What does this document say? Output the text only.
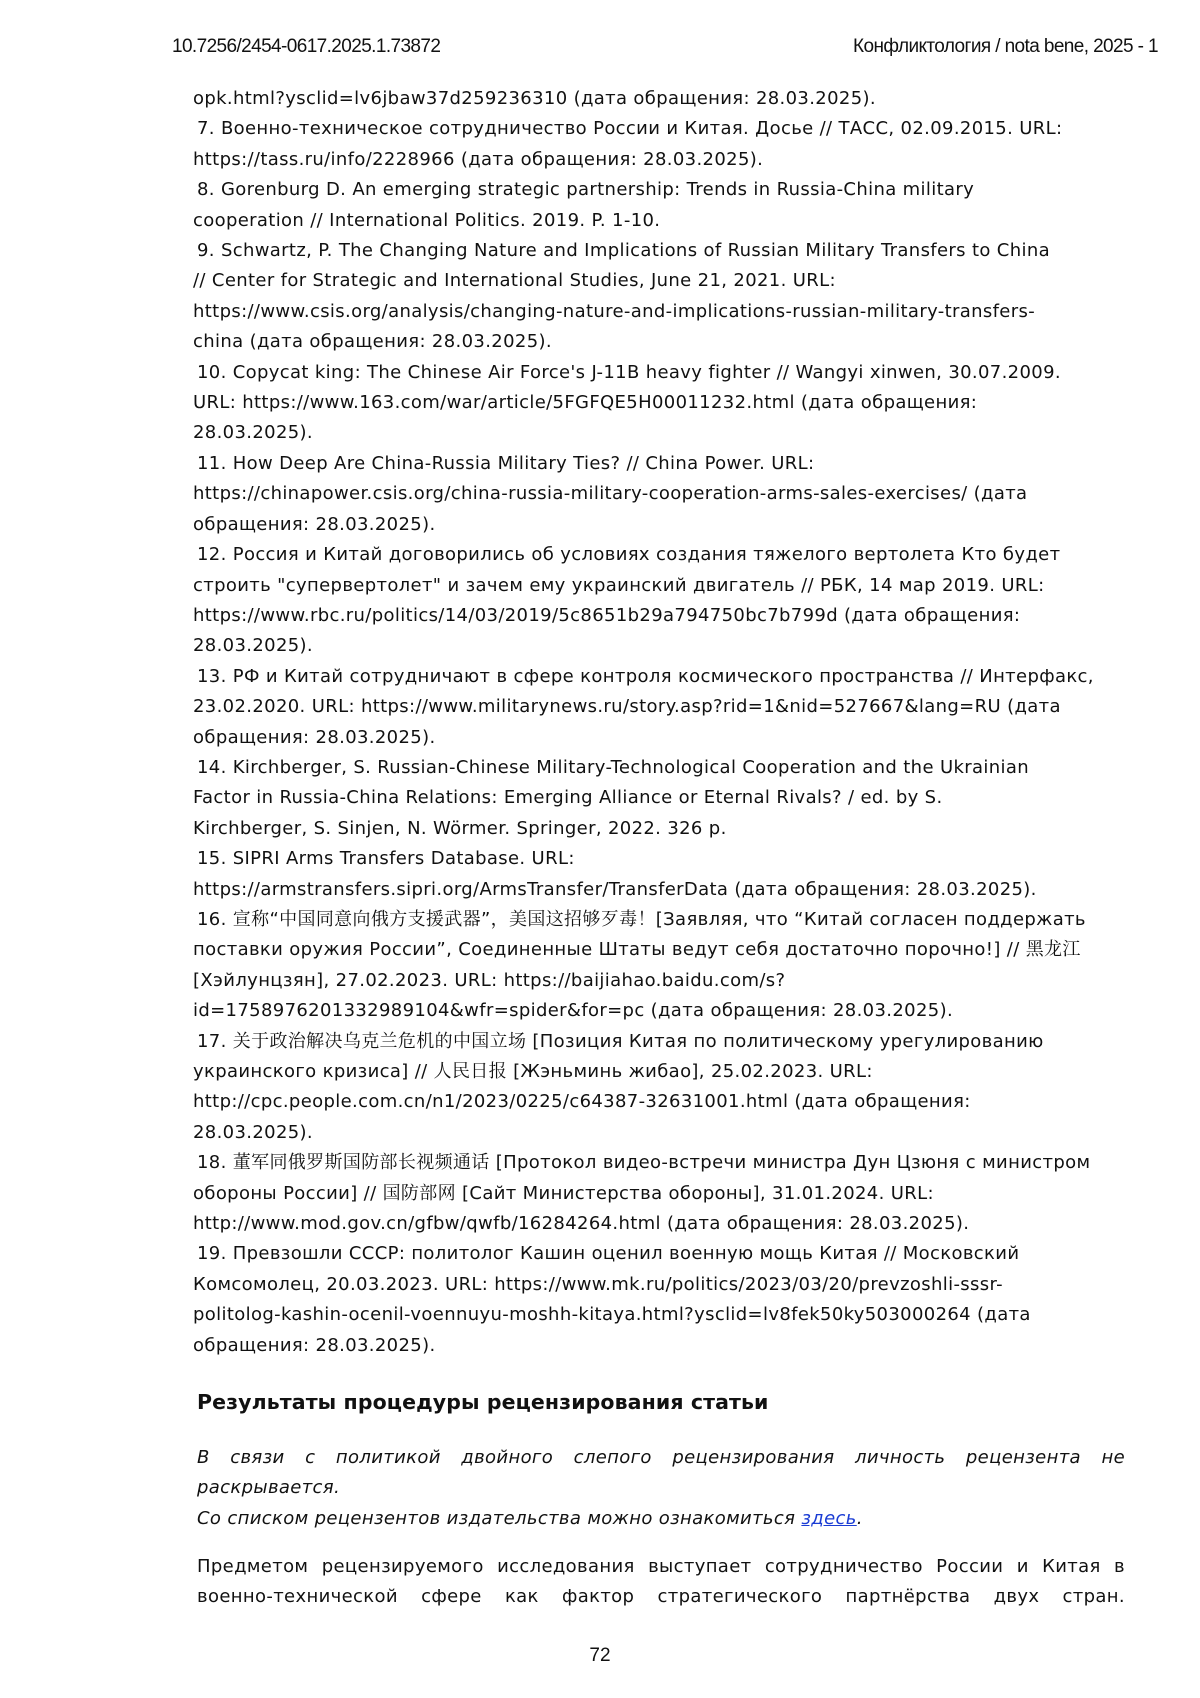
10.7256/2454-0617.2025.1.73872	Конфликтология / nota bene, 2025 - 1
opk.html?ysclid=lv6jbaw37d259236310 (дата обращения: 28.03.2025).
7. Военно-техническое сотрудничество России и Китая. Досье // ТАСС, 02.09.2015. URL:
https://tass.ru/info/2228966 (дата обращения: 28.03.2025).
8. Gorenburg D. An emerging strategic partnership: Trends in Russia-China military
cooperation // International Politics. 2019. P. 1-10.
9. Schwartz, P. The Changing Nature and Implications of Russian Military Transfers to China
// Center for Strategic and International Studies, June 21, 2021. URL:
https://www.csis.org/analysis/changing-nature-and-implications-russian-military-transfers-
china (дата обращения: 28.03.2025).
10. Copycat king: The Chinese Air Force's J-11B heavy fighter // Wangyi xinwen, 30.07.2009.
URL: https://www.163.com/war/article/5FGFQE5H00011232.html (дата обращения:
28.03.2025).
11. How Deep Are China-Russia Military Ties? // China Power. URL:
https://chinapower.csis.org/china-russia-military-cooperation-arms-sales-exercises/ (дата
обращения: 28.03.2025).
12. Россия и Китай договорились об условиях создания тяжелого вертолета Кто будет
строить "супервертолет" и зачем ему украинский двигатель // РБК, 14 мар 2019. URL:
https://www.rbc.ru/politics/14/03/2019/5c8651b29a794750bc7b799d (дата обращения:
28.03.2025).
13. РФ и Китай сотрудничают в сфере контроля космического пространства // Интерфакс,
23.02.2020. URL: https://www.militarynews.ru/story.asp?rid=1&nid=527667&lang=RU (дата
обращения: 28.03.2025).
14. Kirchberger, S. Russian-Chinese Military-Technological Cooperation and the Ukrainian
Factor in Russia-China Relations: Emerging Alliance or Eternal Rivals? / ed. by S.
Kirchberger, S. Sinjen, N. Wörmer. Springer, 2022. 326 p.
15. SIPRI Arms Transfers Database. URL:
https://armstransfers.sipri.org/ArmsTransfer/TransferData (дата обращения: 28.03.2025).
16. 宣称“中国同意向俄方支援武器”，美国这招够歹毒！[Заявляя, что “Китай согласен поддержать
поставки оружия России”, Соединенные Штаты ведут себя достаточно порочно!] // 黑龙江
[Хэйлунцзян], 27.02.2023. URL: https://baijiahao.baidu.com/s?
id=1758976201332989104&wfr=spider&for=pc (дата обращения: 28.03.2025).
17. 关于政治解决乌克兰危机的中国立场 [Позиция Китая по политическому урегулированию
украинского кризиса] // 人民日报 [Жэньминь жибао], 25.02.2023. URL:
http://cpc.people.com.cn/n1/2023/0225/c64387-32631001.html (дата обращения:
28.03.2025).
18. 董军同俄罗斯国防部长视频通话 [Протокол видео-встречи министра Дун Цзюня с министром
обороны России] // 国防部网 [Сайт Министерства обороны], 31.01.2024. URL:
http://www.mod.gov.cn/gfbw/qwfb/16284264.html (дата обращения: 28.03.2025).
19. Превзошли СССР: политолог Кашин оценил военную мощь Китая // Московский
Комсомолец, 20.03.2023. URL: https://www.mk.ru/politics/2023/03/20/prevzoshli-sssr-
politolog-kashin-ocenil-voennuyu-moshh-kitaya.html?ysclid=lv8fek50ky503000264 (дата
обращения: 28.03.2025).
Результаты процедуры рецензирования статьи
В связи с политикой двойного слепого рецензирования личность рецензента не
раскрывается.
Со списком рецензентов издательства можно ознакомиться здесь.
Предметом рецензируемого исследования выступает сотрудничество России и Китая в
военно-технической сфере как фактор стратегического партнёрства двух стран.
72
